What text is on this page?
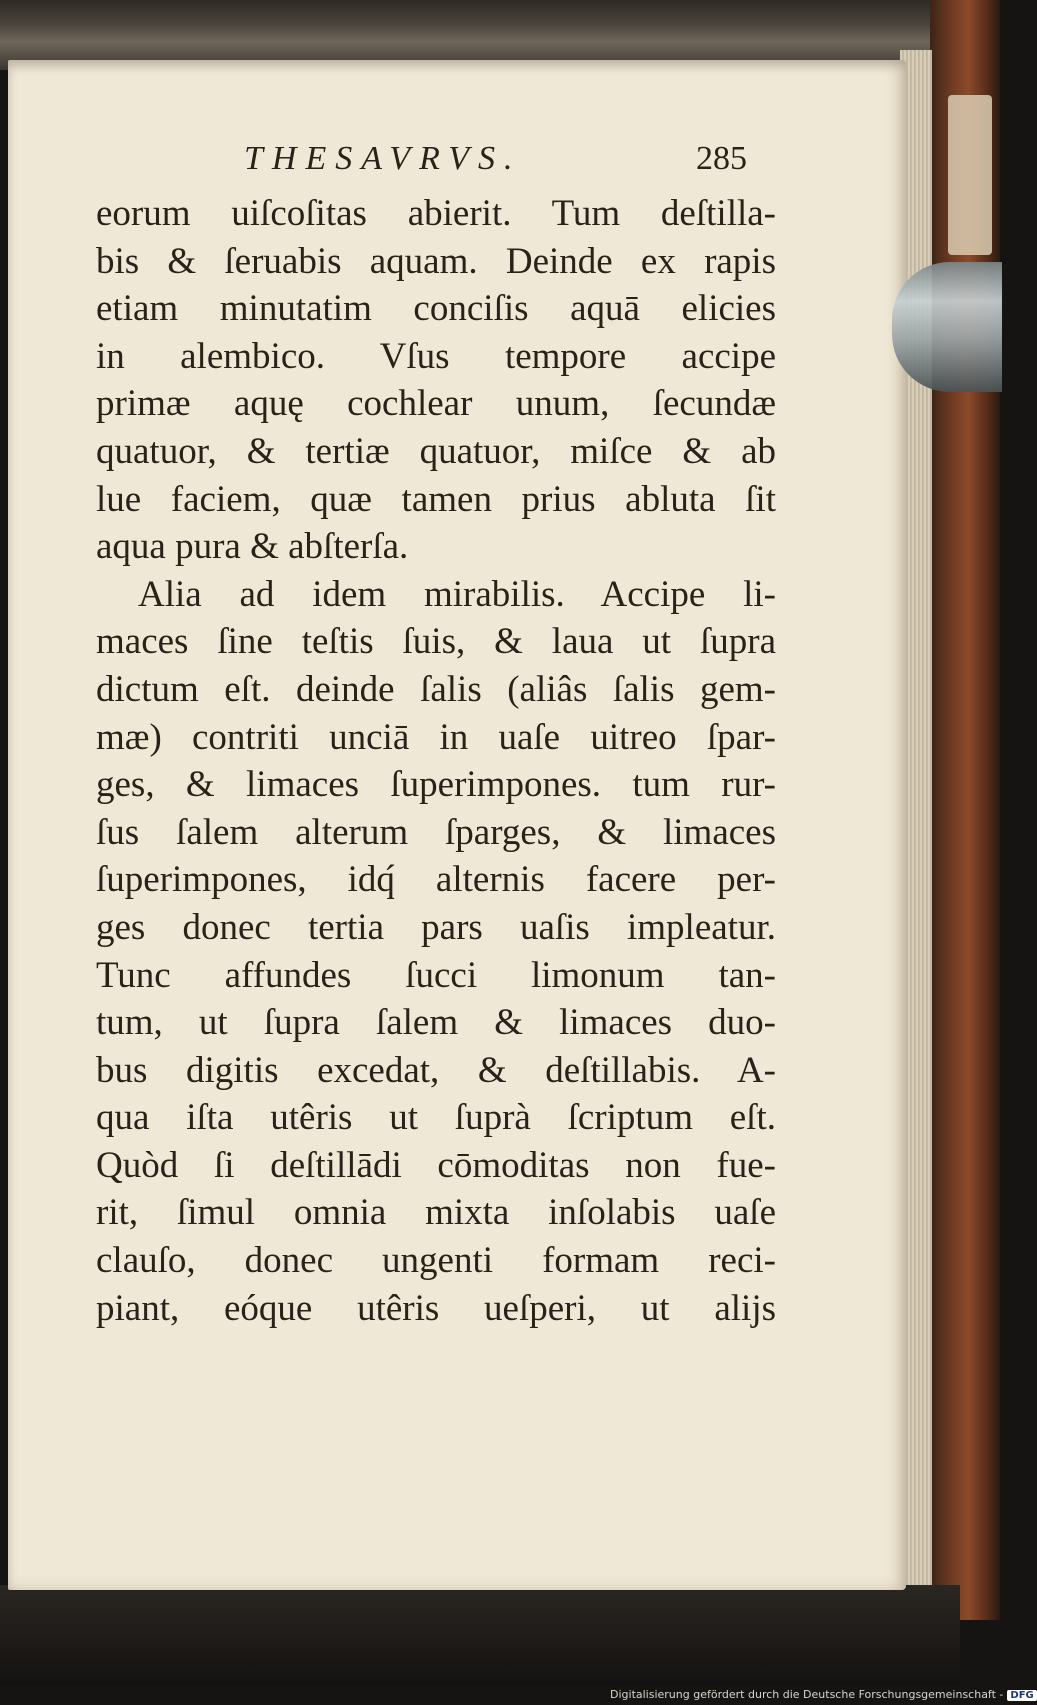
THESAVRVS.	285
eorum uiſcoſitas abierit. Tum deſtilla-
bis & ſeruabis aquam. Deinde ex rapis
etiam minutatim conciſis aquā elicies
in alembico. Vſus tempore accipe
primæ aquę cochlear unum, ſecundæ
quatuor, & tertiæ quatuor, miſce & ab
lue faciem, quæ tamen prius abluta ſit
aqua pura & abſterſa.
Alia ad idem mirabilis. Accipe li-
maces ſine teſtis ſuis, & laua ut ſupra
dictum eſt. deinde ſalis (aliâs ſalis gem-
mæ) contriti unciā in uaſe uitreo ſpar-
ges, & limaces ſuperimpones. tum rur-
ſus ſalem alterum ſparges, & limaces
ſuperimpones, idq́ alternis facere per-
ges donec tertia pars uaſis impleatur.
Tunc affundes ſucci limonum tan-
tum, ut ſupra ſalem & limaces duo-
bus digitis excedat, & deſtillabis. A-
qua iſta utêris ut ſuprà ſcriptum eſt.
Quòd ſi deſtillādi cōmoditas non fue-
rit, ſimul omnia mixta inſolabis uaſe
clauſo, donec ungenti formam reci-
piant, eóque utêris ueſperi, ut alijs
Digitalisierung gefördert durch die Deutsche Forschungsgemeinschaft - DFG
